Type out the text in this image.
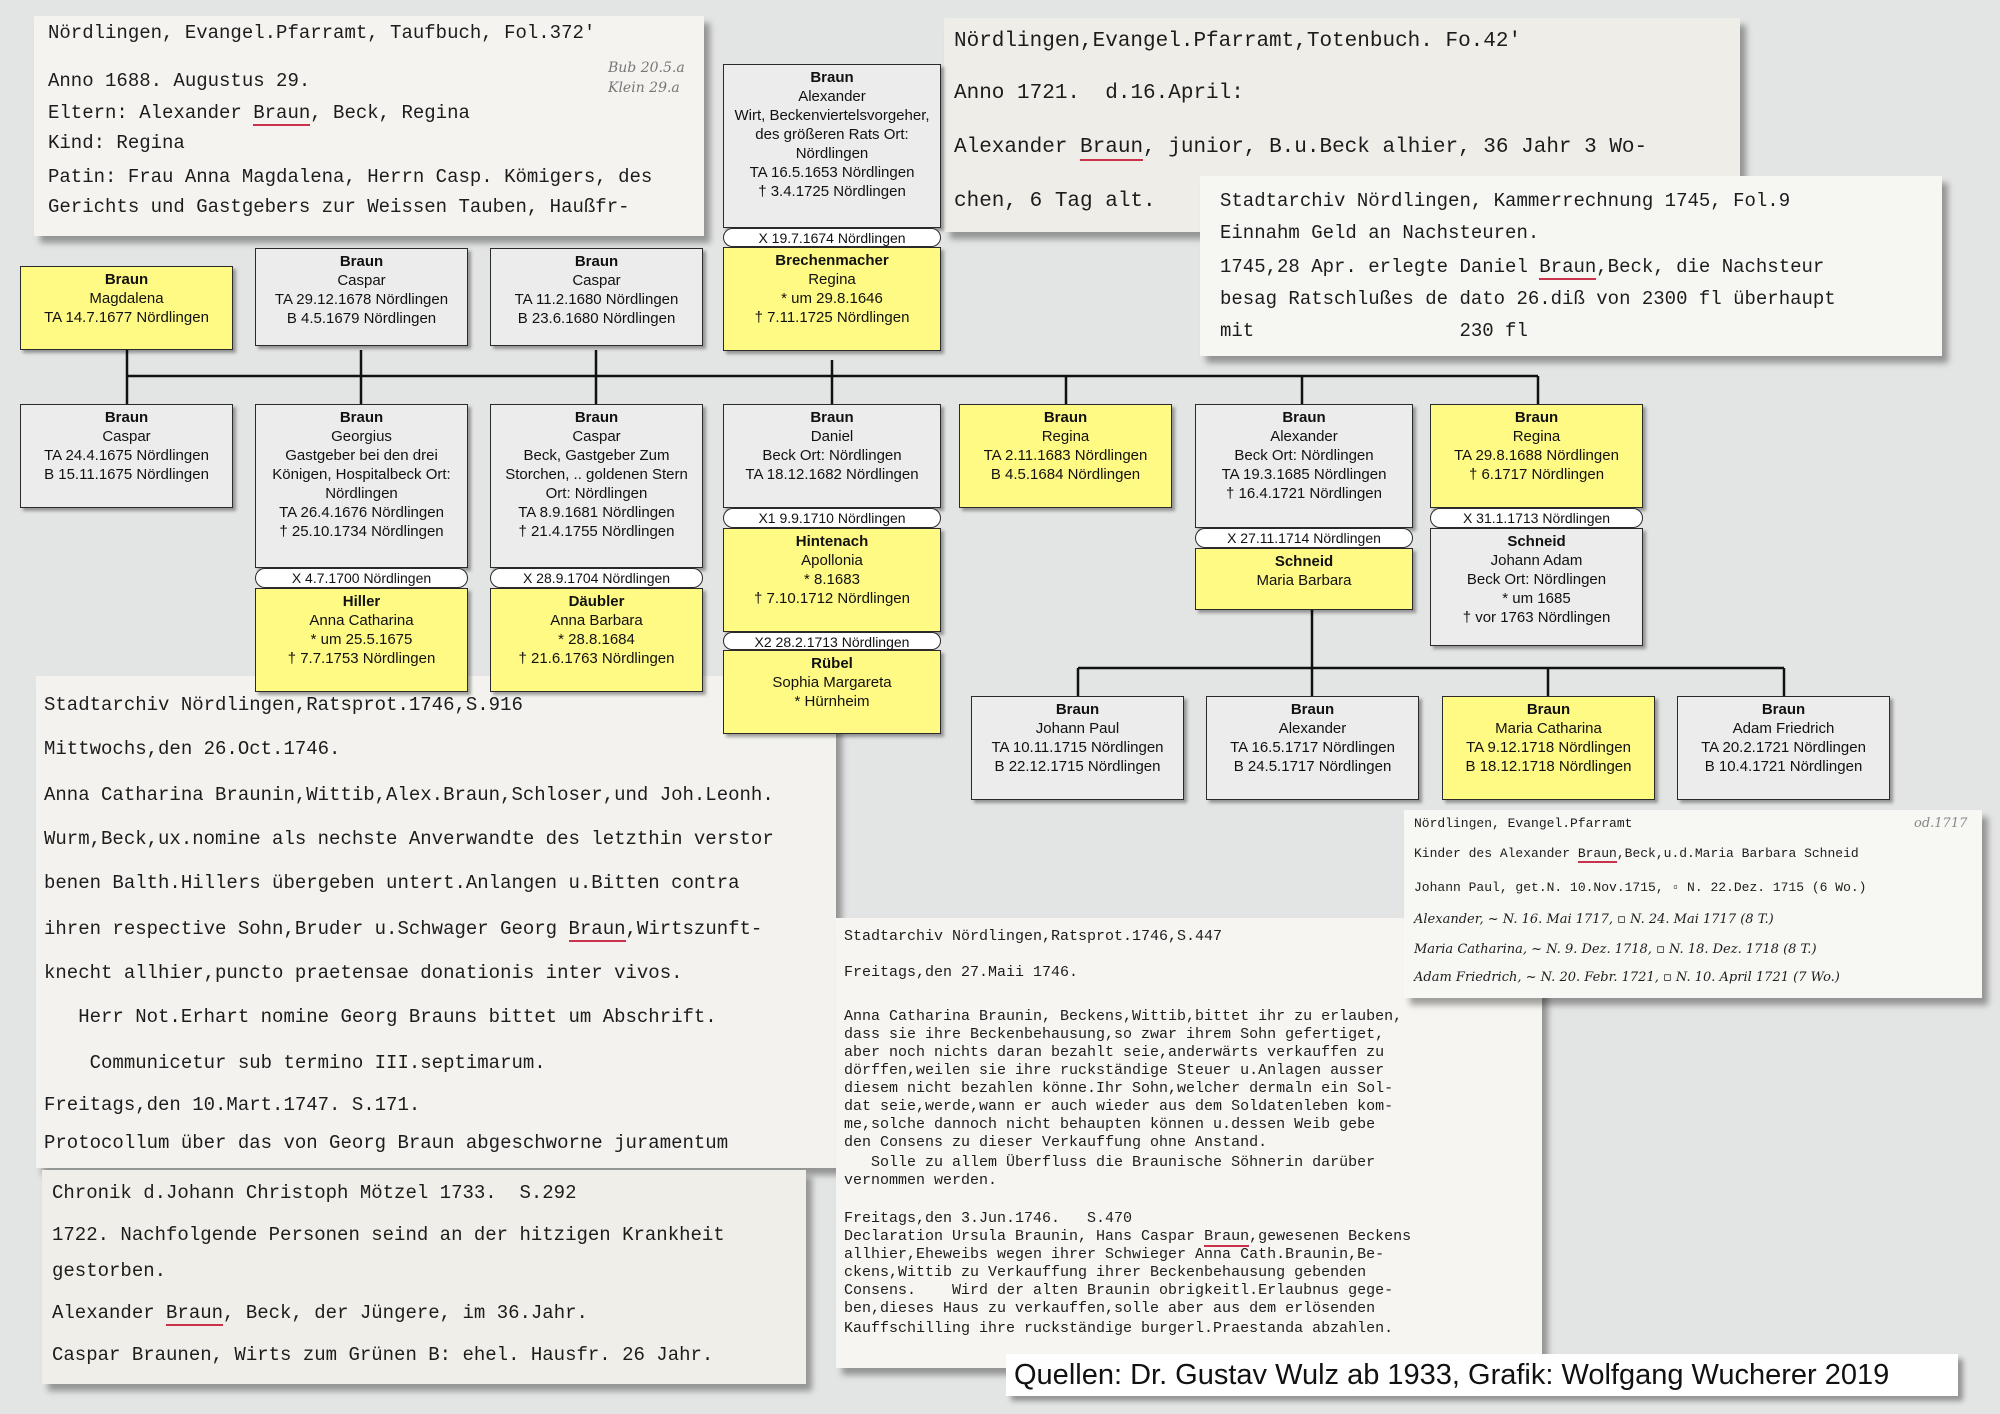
Nördlingen, Evangel.Pfarramt, Taufbuch, Fol.372'
Anno 1688. Augustus 29.
Eltern: Alexander Braun, Beck, Regina
Kind: Regina
Patin: Frau Anna Magdalena, Herrn Casp. Kömigers, des
Gerichts und Gastgebers zur Weissen Tauben, Haußfr-
Bub 20.5.a
Klein 29.a
Nördlingen,Evangel.Pfarramt,Totenbuch. Fo.42'
Anno 1721.  d.16.April:
Alexander Braun, junior, B.u.Beck alhier, 36 Jahr 3 Wo-
chen, 6 Tag alt.	Stadtarchiv Nördlingen, Kammerrechnung 1745, Fol.9
Einnahm Geld an Nachsteuren.
1745,28 Apr. erlegte Daniel Braun,Beck, die Nachsteur
besag Ratschlußes de dato 26.diß von 2300 fl überhaupt
mit                  230 fl
Stadtarchiv Nördlingen,Ratsprot.1746,S.916
Mittwochs,den 26.Oct.1746.
Anna Catharina Braunin,Wittib,Alex.Braun,Schloser,und Joh.Leonh.
Wurm,Beck,ux.nomine als nechste Anverwandte des letzthin verstor
benen Balth.Hillers übergeben untert.Anlangen u.Bitten contra
ihren respective Sohn,Bruder u.Schwager Georg Braun,Wirtszunft-
knecht allhier,puncto praetensae donationis inter vivos.
Herr Not.Erhart nomine Georg Brauns bittet um Abschrift.
Communicetur sub termino III.septimarum.
Freitags,den 10.Mart.1747. S.171.
Protocollum über das von Georg Braun abgeschworne juramentum
Chronik d.Johann Christoph Mötzel 1733.  S.292
1722. Nachfolgende Personen seind an der hitzigen Krankheit
gestorben.
Alexander Braun, Beck, der Jüngere, im 36.Jahr.
Caspar Braunen, Wirts zum Grünen B: ehel. Hausfr. 26 Jahr.
Stadtarchiv Nördlingen,Ratsprot.1746,S.447
Freitags,den 27.Maii 1746.
Anna Catharina Braunin, Beckens,Wittib,bittet ihr zu erlauben,
dass sie ihre Beckenbehausung,so zwar ihrem Sohn gefertiget,
aber noch nichts daran bezahlt seie,anderwärts verkauffen zu
dörffen,weilen sie ihre ruckständige Steuer u.Anlagen ausser
diesem nicht bezahlen könne.Ihr Sohn,welcher dermaln ein Sol-
dat seie,werde,wann er auch wieder aus dem Soldatenleben kom-
me,solche dannoch nicht behaupten können u.dessen Weib gebe
den Consens zu dieser Verkauffung ohne Anstand.
Solle zu allem Überfluss die Braunische Söhnerin darüber
vernommen werden.
Freitags,den 3.Jun.1746.   S.470
Declaration Ursula Braunin, Hans Caspar Braun,gewesenen Beckens
allhier,Eheweibs wegen ihrer Schwieger Anna Cath.Braunin,Be-
ckens,Wittib zu Verkauffung ihrer Beckenbehausung gebenden
Consens.    Wird der alten Braunin obrigkeitl.Erlaubnus gege-
ben,dieses Haus zu verkauffen,solle aber aus dem erlösenden
Kauffschilling ihre ruckständige burgerl.Praestanda abzahlen.
Nördlingen, Evangel.Pfarramt
Kinder des Alexander Braun,Beck,u.d.Maria Barbara Schneid
Johann Paul, get.N. 10.Nov.1715, ▫ N. 22.Dez. 1715 (6 Wo.)
Alexander, ~ N. 16. Mai 1717, ▫ N. 24. Mai 1717 (8 T.)
Maria Catharina, ~ N. 9. Dez. 1718, ▫ N. 18. Dez. 1718 (8 T.)
Adam Friedrich, ~ N. 20. Febr. 1721, ▫ N. 10. April 1721 (7 Wo.)
od.1717
Braun
Alexander
Wirt, Beckenviertelsvorgeher,
des größeren Rats Ort:
Nördlingen
TA 16.5.1653 Nördlingen
† 3.4.1725 Nördlingen
Brechenmacher
Regina
* um 29.8.1646
† 7.11.1725 Nördlingen
Braun
Magdalena
TA 14.7.1677 Nördlingen
Braun
Caspar
TA 29.12.1678 Nördlingen
B 4.5.1679 Nördlingen
Braun
Caspar
TA 11.2.1680 Nördlingen
B 23.6.1680 Nördlingen
Braun
Caspar
TA 24.4.1675 Nördlingen
B 15.11.1675 Nördlingen
Braun
Georgius
Gastgeber bei den drei
Königen, Hospitalbeck Ort:
Nördlingen
TA 26.4.1676 Nördlingen
† 25.10.1734 Nördlingen
Braun
Caspar
Beck, Gastgeber Zum
Storchen, .. goldenen Stern
Ort: Nördlingen
TA 8.9.1681 Nördlingen
† 21.4.1755 Nördlingen
Braun
Daniel
Beck Ort: Nördlingen
TA 18.12.1682 Nördlingen
Braun
Regina
TA 2.11.1683 Nördlingen
B 4.5.1684 Nördlingen
Braun
Alexander
Beck Ort: Nördlingen
TA 19.3.1685 Nördlingen
† 16.4.1721 Nördlingen
Braun
Regina
TA 29.8.1688 Nördlingen
† 6.1717 Nördlingen
Hiller
Anna Catharina
* um 25.5.1675
† 7.7.1753 Nördlingen
Däubler
Anna Barbara
* 28.8.1684
† 21.6.1763 Nördlingen
Hintenach
Apollonia
* 8.1683
† 7.10.1712 Nördlingen
Rübel
Sophia Margareta
* Hürnheim
Schneid
Maria Barbara
Schneid
Johann Adam
Beck Ort: Nördlingen
* um 1685
† vor 1763 Nördlingen
Braun
Johann Paul
TA 10.11.1715 Nördlingen
B 22.12.1715 Nördlingen
Braun
Alexander
TA 16.5.1717 Nördlingen
B 24.5.1717 Nördlingen
Braun
Maria Catharina
TA 9.12.1718 Nördlingen
B 18.12.1718 Nördlingen
Braun
Adam Friedrich
TA 20.2.1721 Nördlingen
B 10.4.1721 Nördlingen
X 19.7.1674 Nördlingen
X 4.7.1700 Nördlingen	X 28.9.1704 Nördlingen
X1 9.9.1710 Nördlingen
X2 28.2.1713 Nördlingen
X 27.11.1714 Nördlingen
X 31.1.1713 Nördlingen
Quellen: Dr. Gustav Wulz ab 1933, Grafik: Wolfgang Wucherer 2019
